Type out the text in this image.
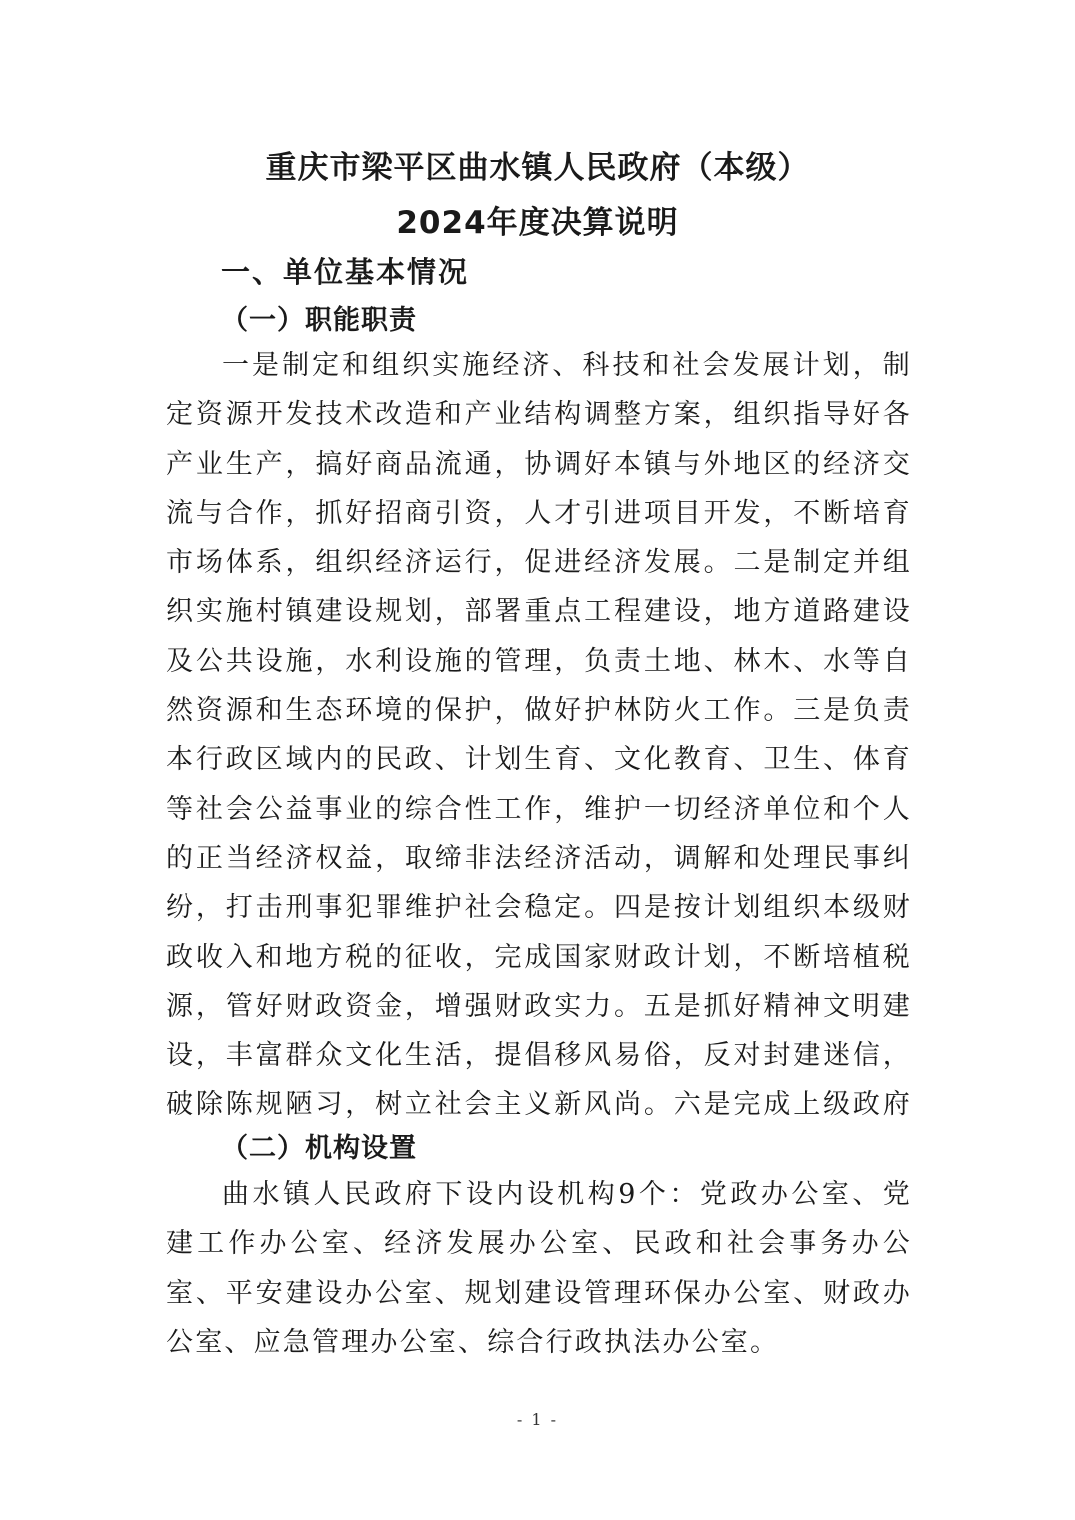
重庆市梁平区曲水镇人民政府（本级）
2024年度决算说明
一、单位基本情况
（一）职能职责
一是制定和组织实施经济、科技和社会发展计划，制定资源开发技术改造和产业结构调整方案，组织指导好各产业生产，搞好商品流通，协调好本镇与外地区的经济交流与合作，抓好招商引资，人才引进项目开发，不断培育市场体系，组织经济运行，促进经济发展。二是制定并组织实施村镇建设规划，部署重点工程建设，地方道路建设及公共设施，水利设施的管理，负责土地、林木、水等自然资源和生态环境的保护，做好护林防火工作。三是负责本行政区域内的民政、计划生育、文化教育、卫生、体育等社会公益事业的综合性工作，维护一切经济单位和个人的正当经济权益，取缔非法经济活动，调解和处理民事纠纷，打击刑事犯罪维护社会稳定。四是按计划组织本级财政收入和地方税的征收，完成国家财政计划，不断培植税源，管好财政资金，增强财政实力。五是抓好精神文明建设，丰富群众文化生活，提倡移风易俗，反对封建迷信，破除陈规陋习，树立社会主义新风尚。六是完成上级政府
（二）机构设置
曲水镇人民政府下设内设机构9个：党政办公室、党建工作办公室、经济发展办公室、民政和社会事务办公室、平安建设办公室、规划建设管理环保办公室、财政办公室、应急管理办公室、综合行政执法办公室。
- 1 -
